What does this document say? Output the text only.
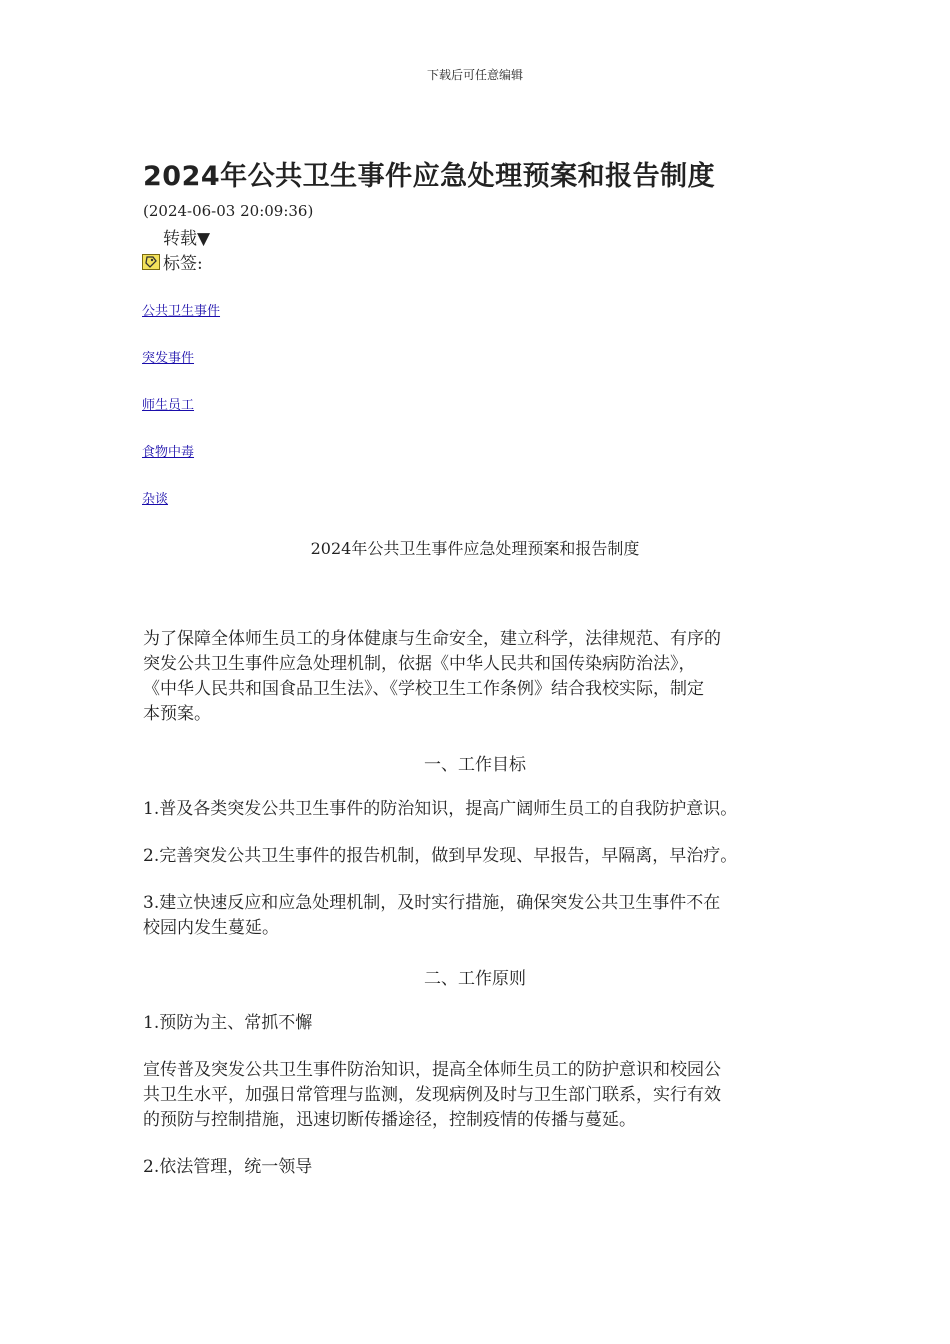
下载后可任意编辑
2024年公共卫生事件应急处理预案和报告制度
(2024-06-03 20:09:36)
转载▼
标签:
公共卫生事件
突发事件
师生员工
食物中毒
杂谈
2024年公共卫生事件应急处理预案和报告制度
为了保障全体师生员工的身体健康与生命安全，建立科学，法律规范、有序的
突发公共卫生事件应急处理机制，依据《中华人民共和国传染病防治法》，
《中华人民共和国食品卫生法》、《学校卫生工作条例》结合我校实际，制定
本预案。
一、工作目标

1.普及各类突发公共卫生事件的防治知识，提高广阔师生员工的自我防护意识。

2.完善突发公共卫生事件的报告机制，做到早发现、早报告，早隔离，早治疗。

3.建立快速反应和应急处理机制，及时实行措施，确保突发公共卫生事件不在
校园内发生蔓延。
二、工作原则

1.预防为主、常抓不懈

宣传普及突发公共卫生事件防治知识，提高全体师生员工的防护意识和校园公
共卫生水平，加强日常管理与监测，发现病例及时与卫生部门联系，实行有效
的预防与控制措施，迅速切断传播途径，控制疫情的传播与蔓延。

2.依法管理，统一领导
